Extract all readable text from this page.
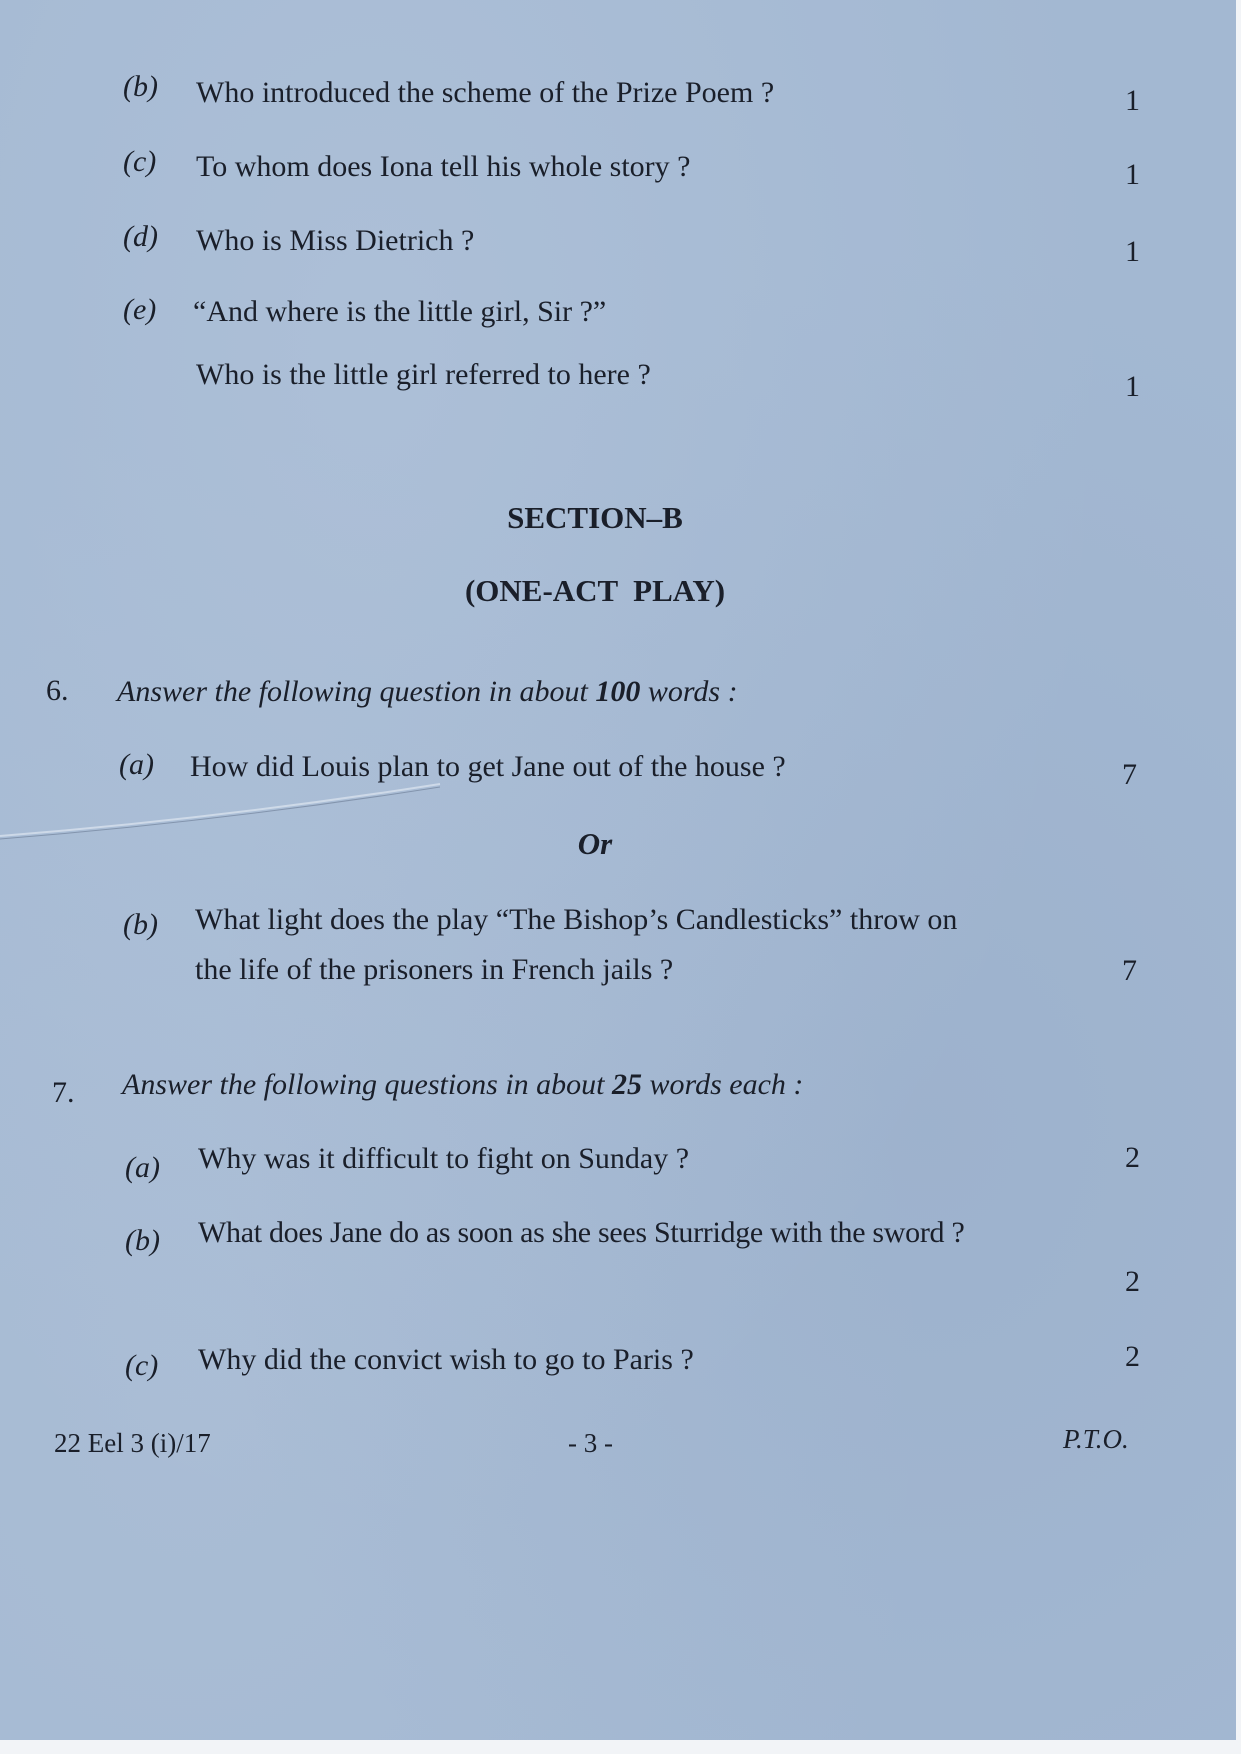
(b) Who introduced the scheme of the Prize Poem ?	1
(c) To whom does Iona tell his whole story ?	1
(d) Who is Miss Dietrich ?	1
(e) “And where is the little girl, Sir ?”
Who is the little girl referred to here ?	1
SECTION–B
(ONE-ACT  PLAY)
6. Answer the following question in about 100 words :
(a) How did Louis plan to get Jane out of the house ?	7
Or
(b) What light does the play “The Bishop’s Candlesticks” throw on
the life of the prisoners in French jails ?	7
7. Answer the following questions in about 25 words each :
(a) Why was it difficult to fight on Sunday ?	2
(b) What does Jane do as soon as she sees Sturridge with the sword ?
2
(c) Why did the convict wish to go to Paris ?	2
22 Eel 3 (i)/17	- 3 -	P.T.O.
